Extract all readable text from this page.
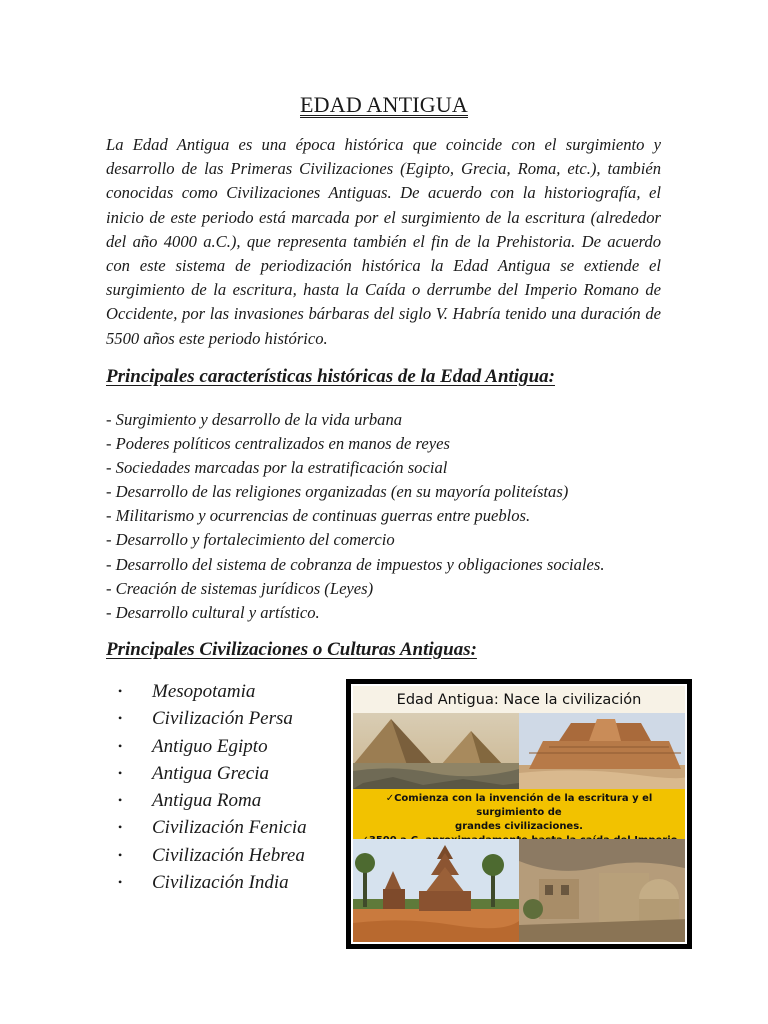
EDAD ANTIGUA
La Edad Antigua es una época histórica que coincide con el surgimiento y desarrollo de las Primeras Civilizaciones (Egipto, Grecia, Roma, etc.), también conocidas como Civilizaciones Antiguas. De acuerdo con la historiografía, el inicio de este periodo está marcada por el surgimiento de la escritura (alrededor del año 4000 a.C.), que representa también el fin de la Prehistoria. De acuerdo con este sistema de periodización histórica la Edad Antigua se extiende el surgimiento de la escritura, hasta la Caída o derrumbe del Imperio Romano de Occidente, por las invasiones bárbaras del siglo V. Habría tenido una duración de 5500 años este periodo histórico.
Principales características históricas de la Edad Antigua:
- Surgimiento y desarrollo de la vida urbana
- Poderes políticos centralizados en manos de reyes
- Sociedades marcadas por la estratificación social
- Desarrollo de las religiones organizadas (en su mayoría politeístas)
- Militarismo y ocurrencias de continuas guerras entre pueblos.
- Desarrollo y fortalecimiento del comercio
- Desarrollo del sistema de cobranza de impuestos y obligaciones sociales.
- Creación de sistemas jurídicos (Leyes)
- Desarrollo cultural y artístico.
Principales Civilizaciones o Culturas Antiguas:
• Mesopotamia
• Civilización Persa
• Antiguo Egipto
• Antigua Grecia
• Antigua Roma
• Civilización Fenicia
• Civilización Hebrea
• Civilización India
✓Comienza con la invención de la escritura y el surgimiento de
grandes civilizaciones.
Edad Antigua: Nace la civilización
